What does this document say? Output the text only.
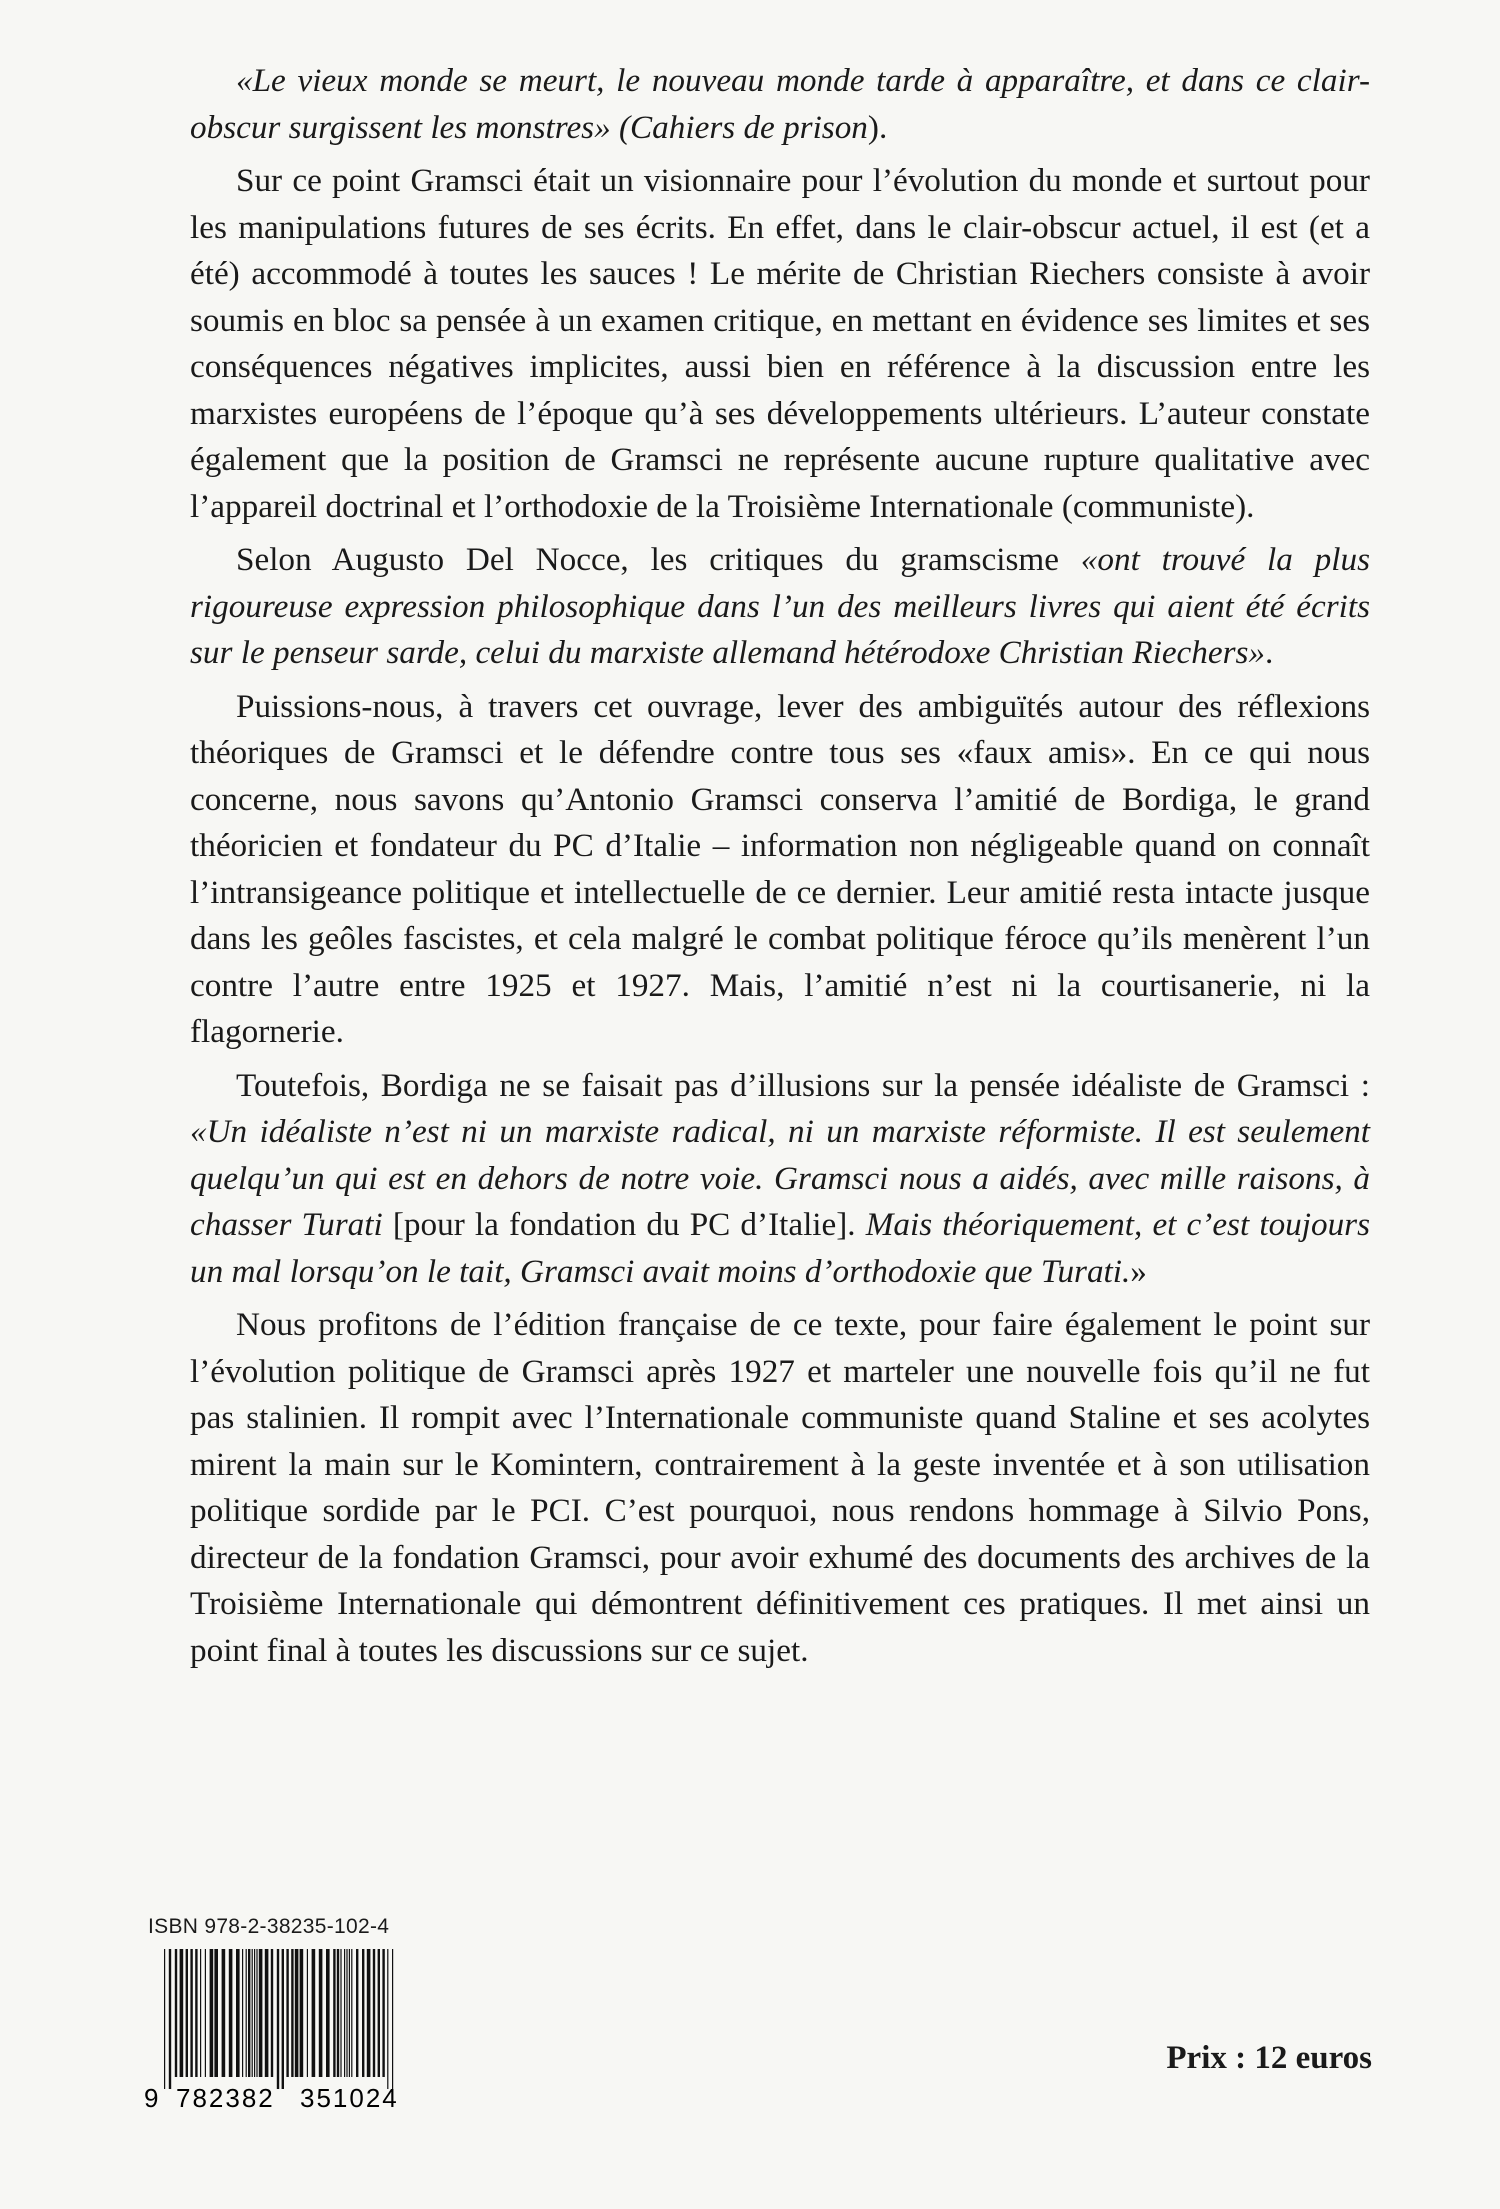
«Le vieux monde se meurt, le nouveau monde tarde à apparaître, et dans ce clair-obscur surgissent les monstres» (Cahiers de prison).

Sur ce point Gramsci était un visionnaire pour l’évolution du monde et surtout pour les manipulations futures de ses écrits. En effet, dans le clair-obscur actuel, il est (et a été) accommodé à toutes les sauces ! Le mérite de Christian Riechers consiste à avoir soumis en bloc sa pensée à un examen critique, en mettant en évidence ses limites et ses conséquences négatives implicites, aussi bien en référence à la discussion entre les marxistes européens de l’époque qu’à ses développements ultérieurs. L’auteur constate également que la position de Gramsci ne représente aucune rupture qualitative avec l’appareil doctrinal et l’orthodoxie de la Troisième Internationale (communiste).

Selon Augusto Del Nocce, les critiques du gramscisme «ont trouvé la plus rigoureuse expression philosophique dans l’un des meilleurs livres qui aient été écrits sur le penseur sarde, celui du marxiste allemand hétérodoxe Christian Riechers».

Puissions-nous, à travers cet ouvrage, lever des ambiguïtés autour des réflexions théoriques de Gramsci et le défendre contre tous ses «faux amis». En ce qui nous concerne, nous savons qu’Antonio Gramsci conserva l’amitié de Bordiga, le grand théoricien et fondateur du PC d’Italie – information non négligeable quand on connaît l’intransigeance politique et intellectuelle de ce dernier. Leur amitié resta intacte jusque dans les geôles fascistes, et cela malgré le combat politique féroce qu’ils menèrent l’un contre l’autre entre 1925 et 1927. Mais, l’amitié n’est ni la courtisanerie, ni la flagornerie.

Toutefois, Bordiga ne se faisait pas d’illusions sur la pensée idéaliste de Gramsci : «Un idéaliste n’est ni un marxiste radical, ni un marxiste réformiste. Il est seulement quelqu’un qui est en dehors de notre voie. Gramsci nous a aidés, avec mille raisons, à chasser Turati [pour la fondation du PC d’Italie]. Mais théoriquement, et c’est toujours un mal lorsqu’on le tait, Gramsci avait moins d’orthodoxie que Turati.»

Nous profitons de l’édition française de ce texte, pour faire également le point sur l’évolution politique de Gramsci après 1927 et marteler une nouvelle fois qu’il ne fut pas stalinien. Il rompit avec l’Internationale communiste quand Staline et ses acolytes mirent la main sur le Komintern, contrairement à la geste inventée et à son utilisation politique sordide par le PCI. C’est pourquoi, nous rendons hommage à Silvio Pons, directeur de la fondation Gramsci, pour avoir exhumé des documents des archives de la Troisième Internationale qui démontrent définitivement ces pratiques. Il met ainsi un point final à toutes les discussions sur ce sujet.

ISBN 978-2-38235-102-4
9 782382 351024
Prix : 12 euros
